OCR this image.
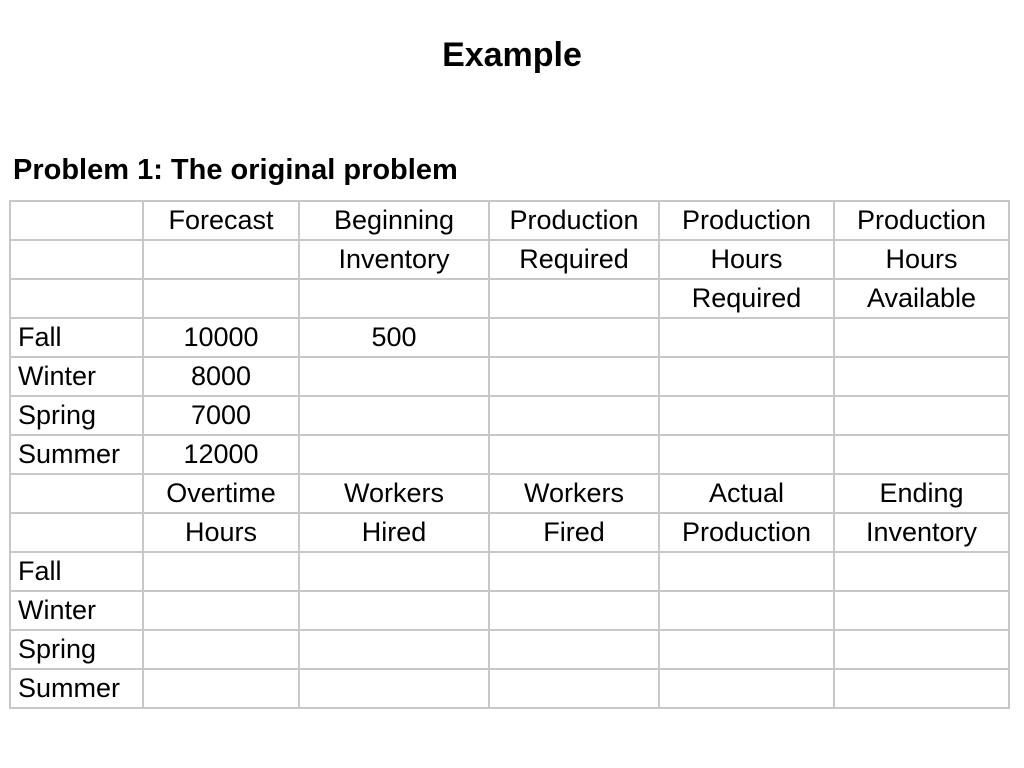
Example
Problem 1: The original problem
	Forecast	Beginning	Production	Production	Production
		Inventory	Required	Hours	Hours
				Required	Available
Fall	10000	500			
Winter	8000				
Spring	7000				
Summer	12000				
	Overtime	Workers	Workers	Actual	Ending
	Hours	Hired	Fired	Production	Inventory
Fall					
Winter					
Spring					
Summer					
